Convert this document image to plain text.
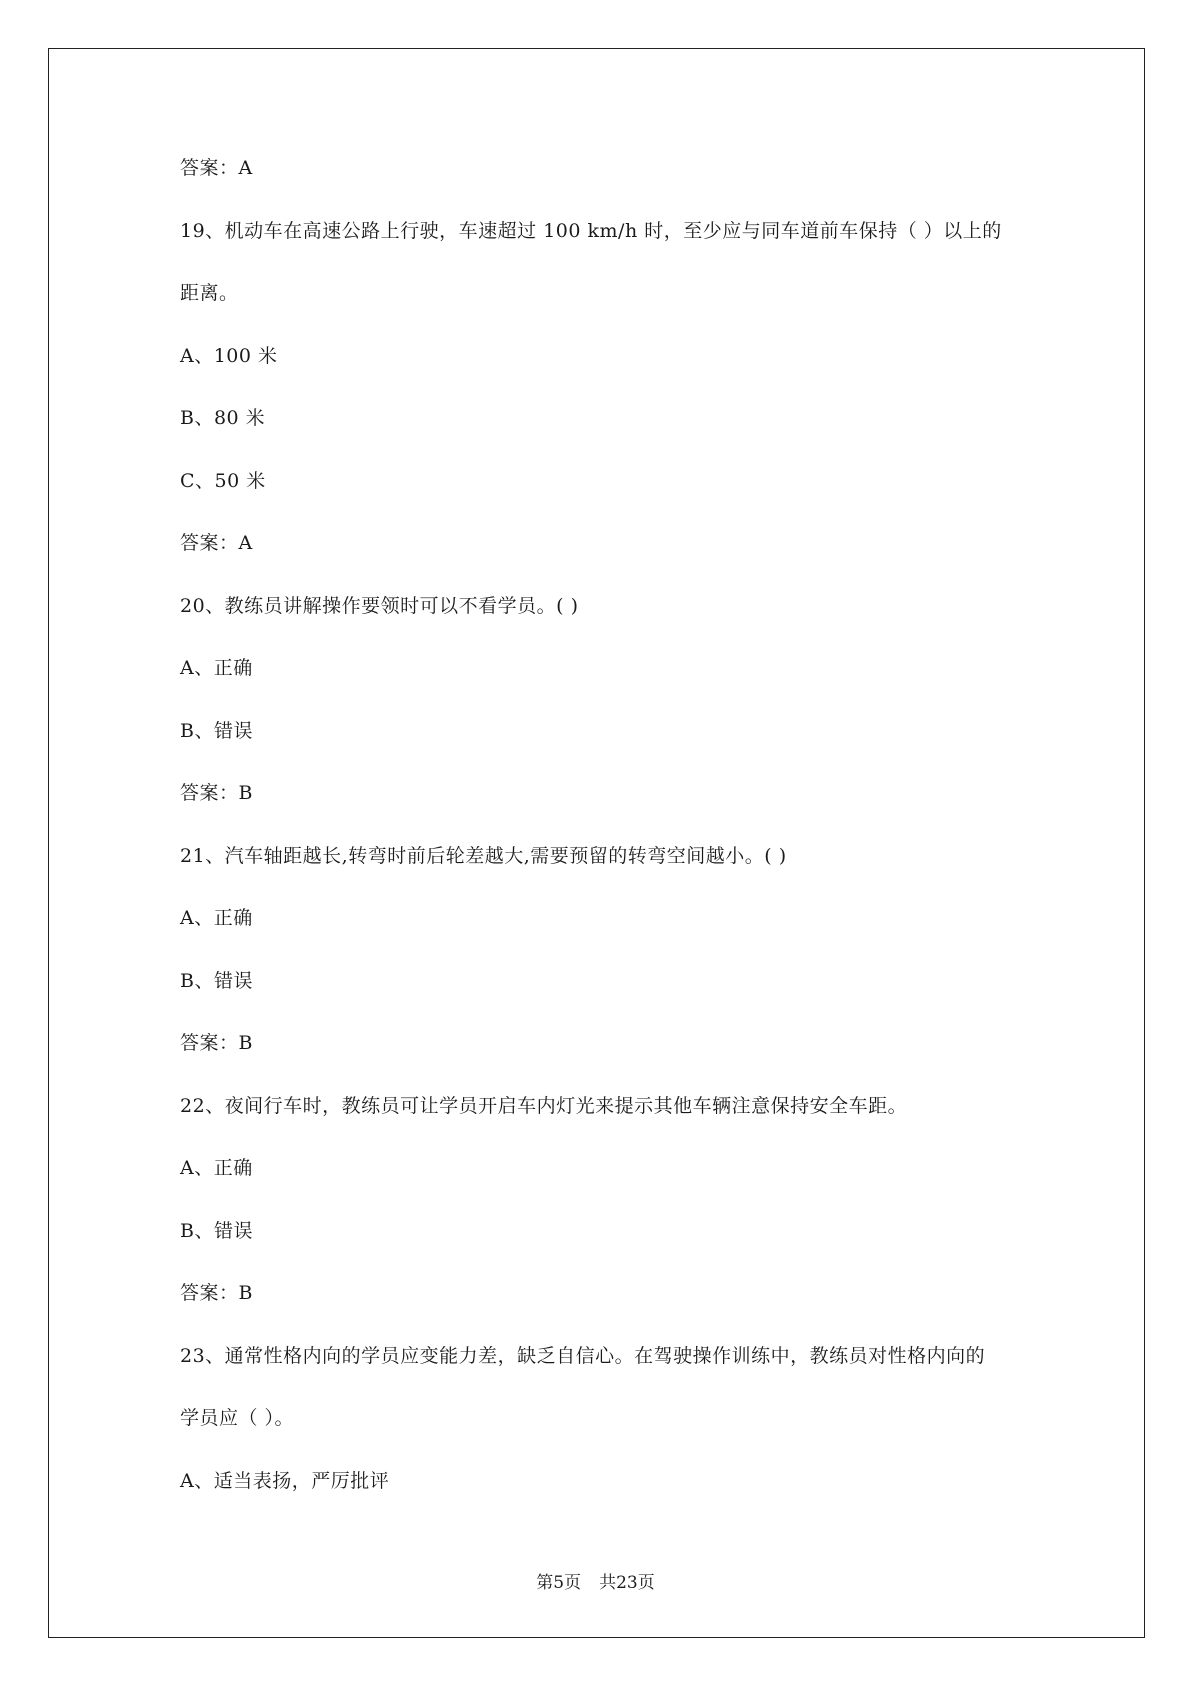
答案：A
19、机动车在高速公路上行驶，车速超过 100 km/h 时，至少应与同车道前车保持（ ）以上的
距离。
A、100 米
B、80 米
C、50 米
答案：A
20、教练员讲解操作要领时可以不看学员。( )
A、正确
B、错误
答案：B
21、汽车轴距越长,转弯时前后轮差越大,需要预留的转弯空间越小。( )
A、正确
B、错误
答案：B
22、夜间行车时，教练员可让学员开启车内灯光来提示其他车辆注意保持安全车距。
A、正确
B、错误
答案：B
23、通常性格内向的学员应变能力差，缺乏自信心。在驾驶操作训练中，教练员对性格内向的
学员应（ ）。
A、适当表扬，严厉批评
第5页 共23页
